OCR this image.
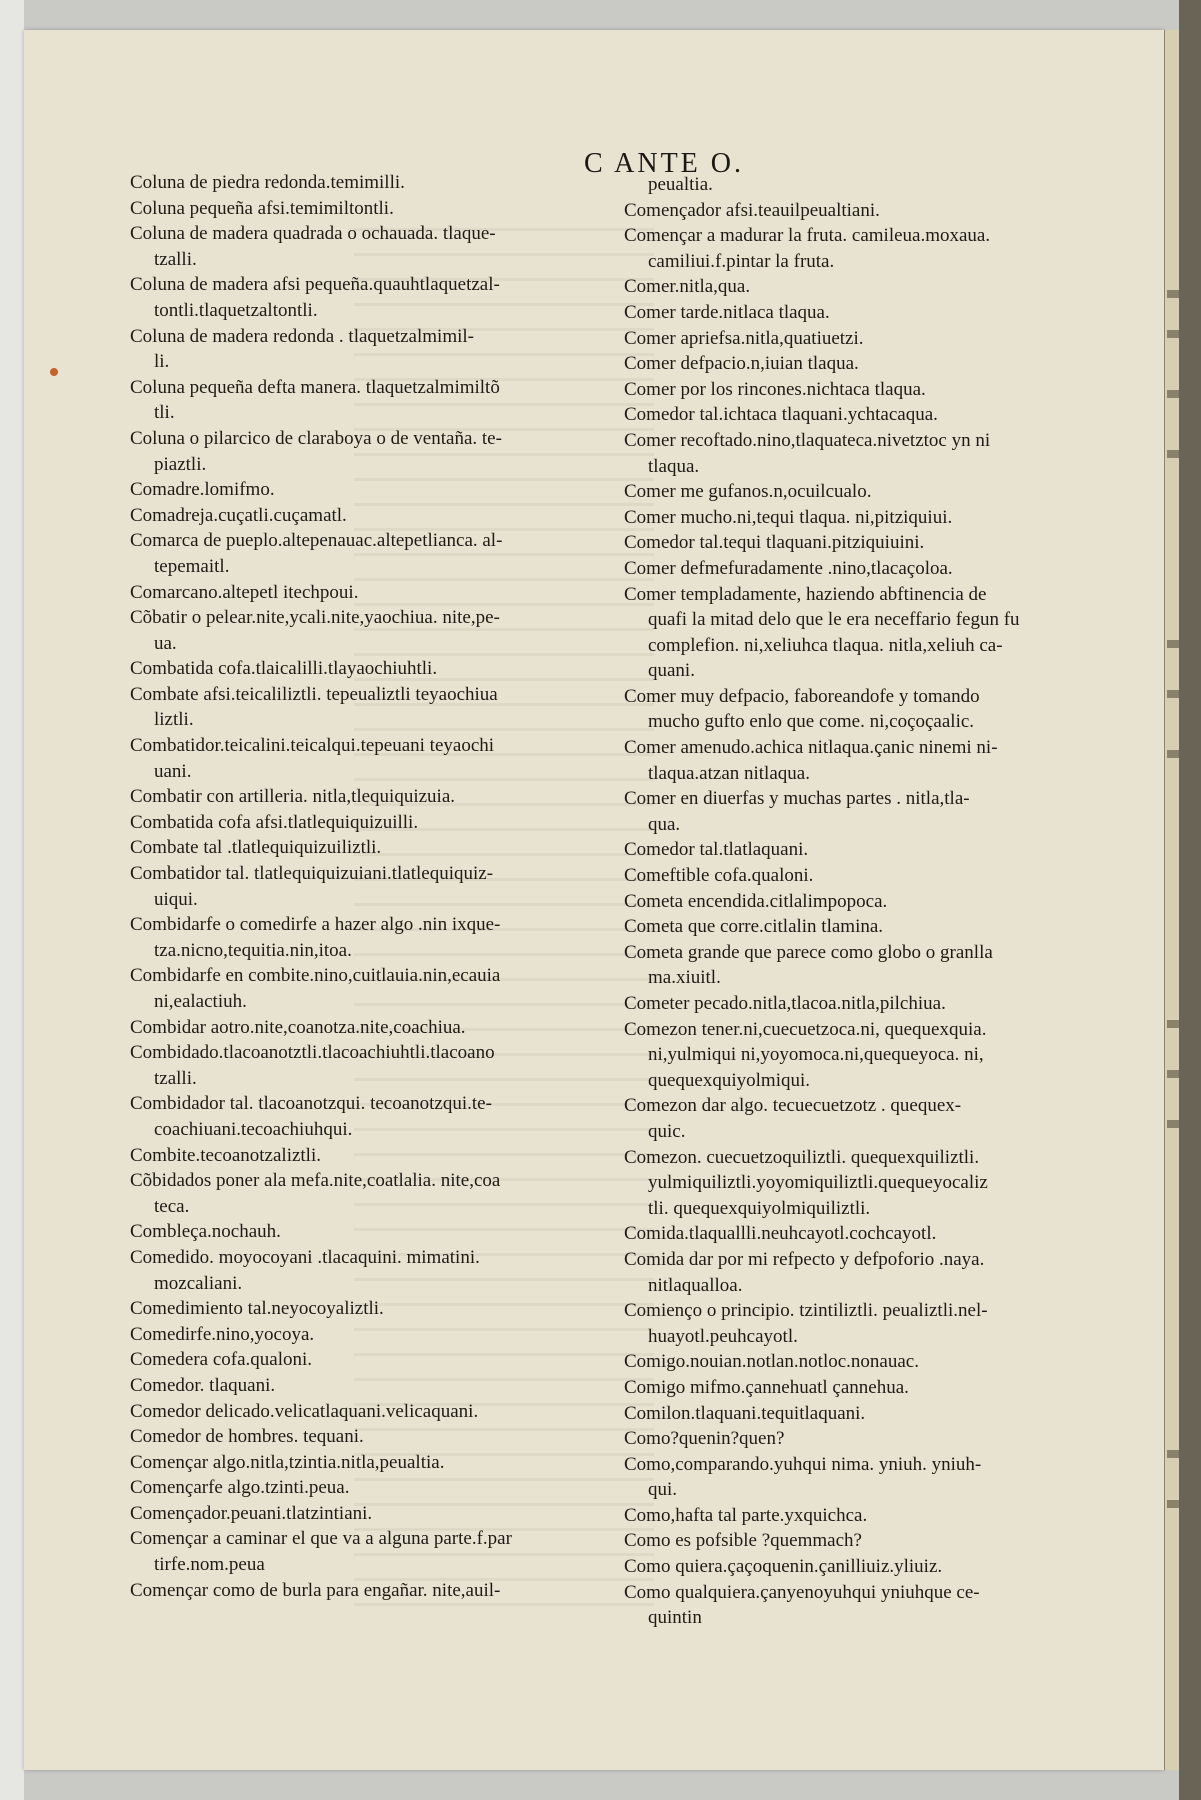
C ANTE O.

Coluna de piedra redonda.temimilli.

Coluna pequeña afsi.temimiltontli.

Coluna de madera quadrada o ochauada. tlaque-

tzalli.

Coluna de madera afsi pequeña.quauhtlaquetzal-

tontli.tlaquetzaltontli.

Coluna de madera redonda . tlaquetzalmimil-

li.

Coluna pequeña defta manera. tlaquetzalmimiltõ

tli.

Coluna o pilarcico de claraboya o de ventaña. te-

piaztli.

Comadre.lomifmo.

Comadreja.cuçatli.cuçamatl.

Comarca de pueplo.altepenauac.altepetlianca. al-

tepemaitl.

Comarcano.altepetl itechpoui.

Cõbatir o pelear.nite,ycali.nite,yaochiua. nite,pe-

ua.

Combatida cofa.tlaicalilli.tlayaochiuhtli.

Combate afsi.teicaliliztli. tepeualiztli teyaochiua

liztli.

Combatidor.teicalini.teicalqui.tepeuani teyaochi

uani.

Combatir con artilleria. nitla,tlequiquizuia.

Combatida cofa afsi.tlatlequiquizuilli.

Combate tal .tlatlequiquizuiliztli.

Combatidor tal. tlatlequiquizuiani.tlatlequiquiz-

uiqui.

Combidarfe o comedirfe a hazer algo .nin ixque-

tza.nicno,tequitia.nin,itoa.

Combidarfe en combite.nino,cuitlauia.nin,ecauia

ni,ealactiuh.

Combidar aotro.nite,coanotza.nite,coachiua.

Combidado.tlacoanotztli.tlacoachiuhtli.tlacoano

tzalli.

Combidador tal. tlacoanotzqui. tecoanotzqui.te-

coachiuani.tecoachiuhqui.

Combite.tecoanotzaliztli.

Cõbidados poner ala mefa.nite,coatlalia. nite,coa

teca.

Combleça.nochauh.

Comedido. moyocoyani .tlacaquini. mimatini.

mozcaliani.

Comedimiento tal.neyocoyaliztli.

Comedirfe.nino,yocoya.

Comedera cofa.qualoni.

Comedor. tlaquani.

Comedor delicado.velicatlaquani.velicaquani.

Comedor de hombres. tequani.

Començar algo.nitla,tzintia.nitla,peualtia.

Començarfe algo.tzinti.peua.

Començador.peuani.tlatzintiani.

Començar a caminar el que va a alguna parte.f.par

tirfe.nom.peua

Començar como de burla para engañar. nite,auil-

peualtia.

Començador afsi.teauilpeualtiani.

Començar a madurar la fruta. camileua.moxaua.

camiliui.f.pintar la fruta.

Comer.nitla,qua.

Comer tarde.nitlaca tlaqua.

Comer apriefsa.nitla,quatiuetzi.

Comer defpacio.n,iuian tlaqua.

Comer por los rincones.nichtaca tlaqua.

Comedor tal.ichtaca tlaquani.ychtacaqua.

Comer recoftado.nino,tlaquateca.nivetztoc yn ni

tlaqua.

Comer me gufanos.n,ocuilcualo.

Comer mucho.ni,tequi tlaqua. ni,pitziquiui.

Comedor tal.tequi tlaquani.pitziquiuini.

Comer defmefuradamente .nino,tlacaçoloa.

Comer templadamente, haziendo abftinencia de

quafi la mitad delo que le era neceffario fegun fu

complefion. ni,xeliuhca tlaqua. nitla,xeliuh ca-

quani.

Comer muy defpacio, faboreandofe y tomando

mucho gufto enlo que come. ni,coçoçaalic.

Comer amenudo.achica nitlaqua.çanic ninemi ni-

tlaqua.atzan nitlaqua.

Comer en diuerfas y muchas partes . nitla,tla-

qua.

Comedor tal.tlatlaquani.

Comeftible cofa.qualoni.

Cometa encendida.citlalimpopoca.

Cometa que corre.citlalin tlamina.

Cometa grande que parece como globo o granlla

ma.xiuitl.

Cometer pecado.nitla,tlacoa.nitla,pilchiua.

Comezon tener.ni,cuecuetzoca.ni, quequexquia.

ni,yulmiqui ni,yoyomoca.ni,quequeyoca. ni,

quequexquiyolmiqui.

Comezon dar algo. tecuecuetzotz . quequex-

quic.

Comezon. cuecuetzoquiliztli. quequexquiliztli.

yulmiquiliztli.yoyomiquiliztli.quequeyocaliz

tli. quequexquiyolmiquiliztli.

Comida.tlaquallli.neuhcayotl.cochcayotl.

Comida dar por mi refpecto y defpoforio .naya.

nitlaqualloa.

Comienço o principio. tzintiliztli. peualiztli.nel-

huayotl.peuhcayotl.

Comigo.nouian.notlan.notloc.nonauac.

Comigo mifmo.çannehuatl çannehua.

Comilon.tlaquani.tequitlaquani.

Como?quenin?quen?

Como,comparando.yuhqui nima. yniuh. yniuh-

qui.

Como,hafta tal parte.yxquichca.

Como es pofsible ?quemmach?

Como quiera.çaçoquenin.çanilliuiz.yliuiz.

Como qualquiera.çanyenoyuhqui yniuhque ce-

quintin
